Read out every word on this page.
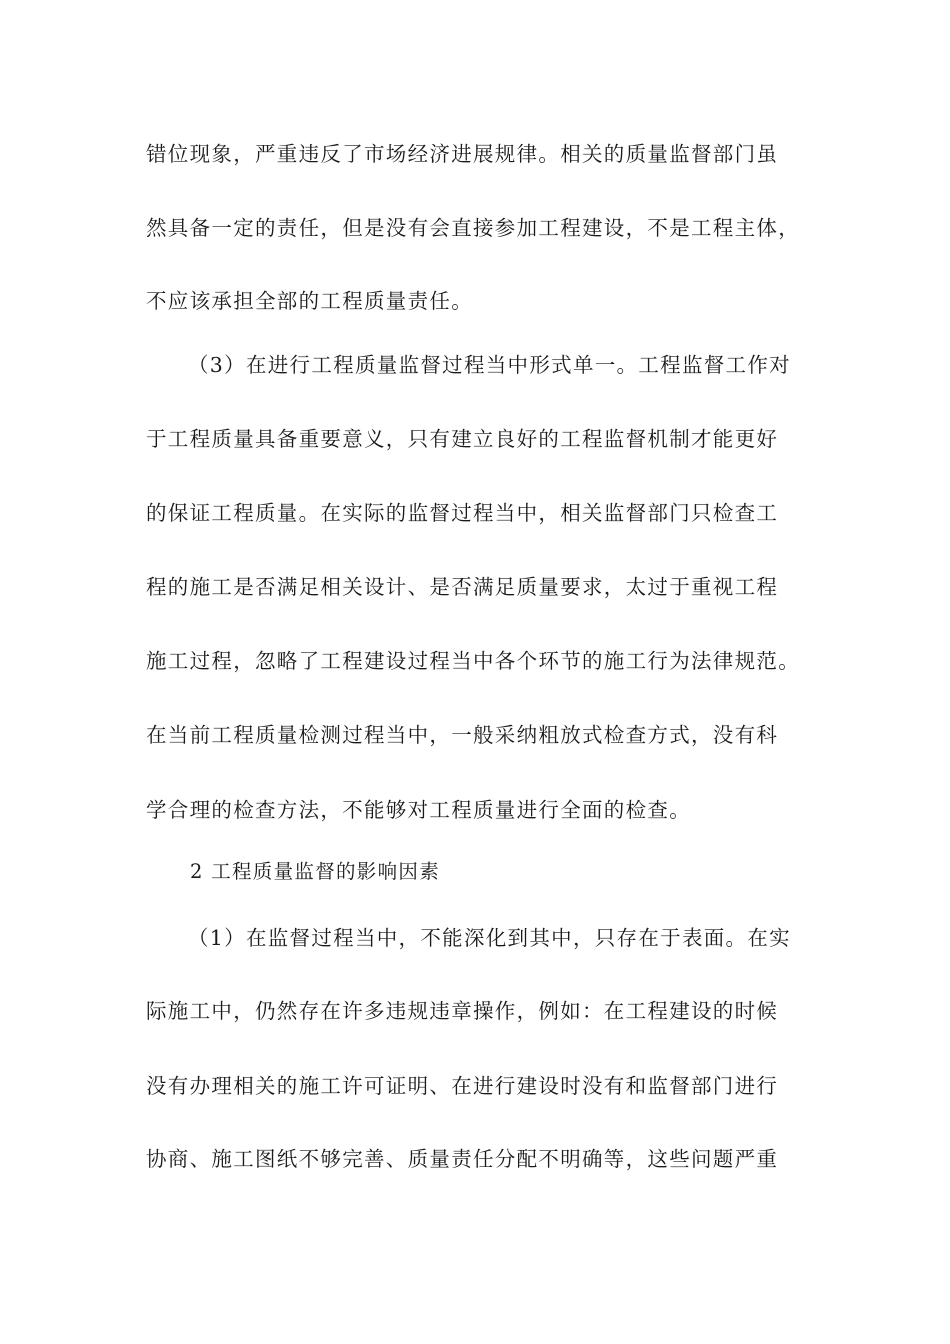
错位现象，严重违反了市场经济进展规律。相关的质量监督部门虽
然具备一定的责任，但是没有会直接参加工程建设，不是工程主体，
不应该承担全部的工程质量责任。
（3）在进行工程质量监督过程当中形式单一。工程监督工作对
于工程质量具备重要意义，只有建立良好的工程监督机制才能更好
的保证工程质量。在实际的监督过程当中，相关监督部门只检查工
程的施工是否满足相关设计、是否满足质量要求，太过于重视工程
施工过程，忽略了工程建设过程当中各个环节的施工行为法律规范。
在当前工程质量检测过程当中，一般采纳粗放式检查方式，没有科
学合理的检查方法，不能够对工程质量进行全面的检查。
2 工程质量监督的影响因素
（1）在监督过程当中，不能深化到其中，只存在于表面。在实
际施工中，仍然存在许多违规违章操作，例如：在工程建设的时候
没有办理相关的施工许可证明、在进行建设时没有和监督部门进行
协商、施工图纸不够完善、质量责任分配不明确等，这些问题严重
